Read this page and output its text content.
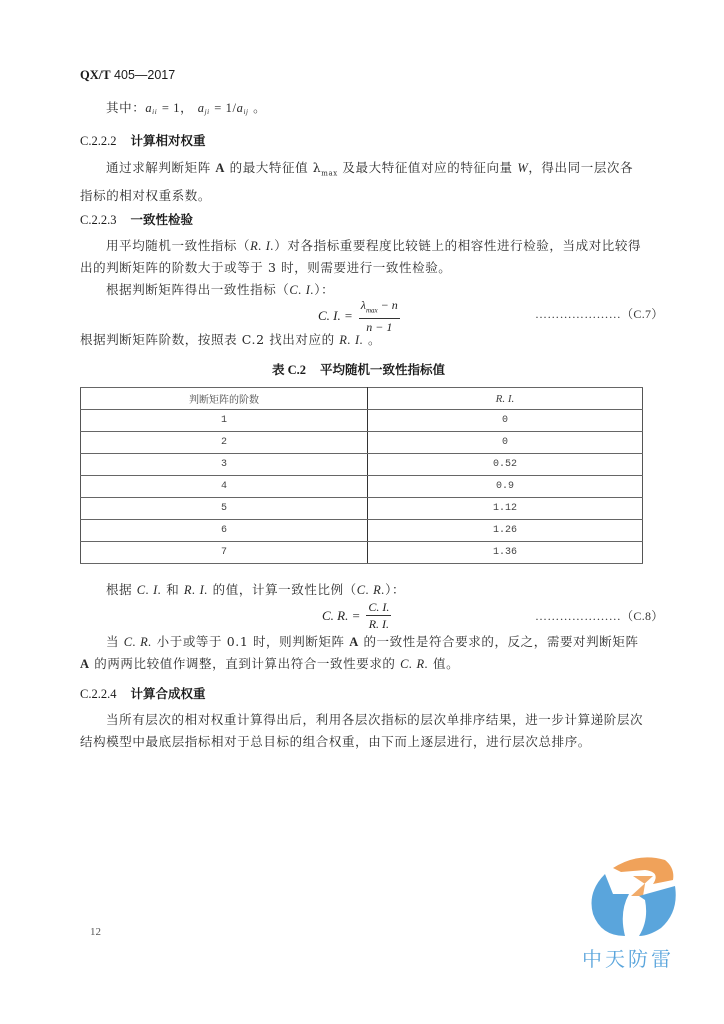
QX/T 405—2017
其中：$a_{ii} = 1$， $a_{ji} = 1/a_{ij}$ 。
C.2.2.2 计算相对权重
通过求解判断矩阵 A 的最大特征值 $\lambda_{max}$ 及最大特征值对应的特征向量 W，得出同一层次各指标的相对权重系数。
C.2.2.3 一致性检验
用平均随机一致性指标（R. I.）对各指标重要程度比较链上的相容性进行检验，当成对比较得出的判断矩阵的阶数大于或等于 3 时，则需要进行一致性检验。
根据判断矩阵得出一致性指标（C. I.）：
C. I. = $\frac{\lambda_{max} - n}{n - 1}$	…………………（C.7）
根据判断矩阵阶数，按照表 C.2 找出对应的 R. I. 。
表 C.2 平均随机一致性指标值
判断矩阵的阶数	R. I.
1	0
2	0
3	0.52
4	0.9
5	1.12
6	1.26
7	1.36
根据 C. I. 和 R. I. 的值，计算一致性比例（C. R.）：
C. R. = $\frac{C. I.}{R. I.}$	…………………（C.8）
当 C. R. 小于或等于 0.1 时，则判断矩阵 A 的一致性是符合要求的，反之，需要对判断矩阵 A 的两两比较值作调整，直到计算出符合一致性要求的 C. R. 值。
C.2.2.4 计算合成权重
当所有层次的相对权重计算得出后，利用各层次指标的层次单排序结果，进一步计算递阶层次结构模型中最底层指标相对于总目标的组合权重，由下而上逐层进行，进行层次总排序。
12
中天防雷
